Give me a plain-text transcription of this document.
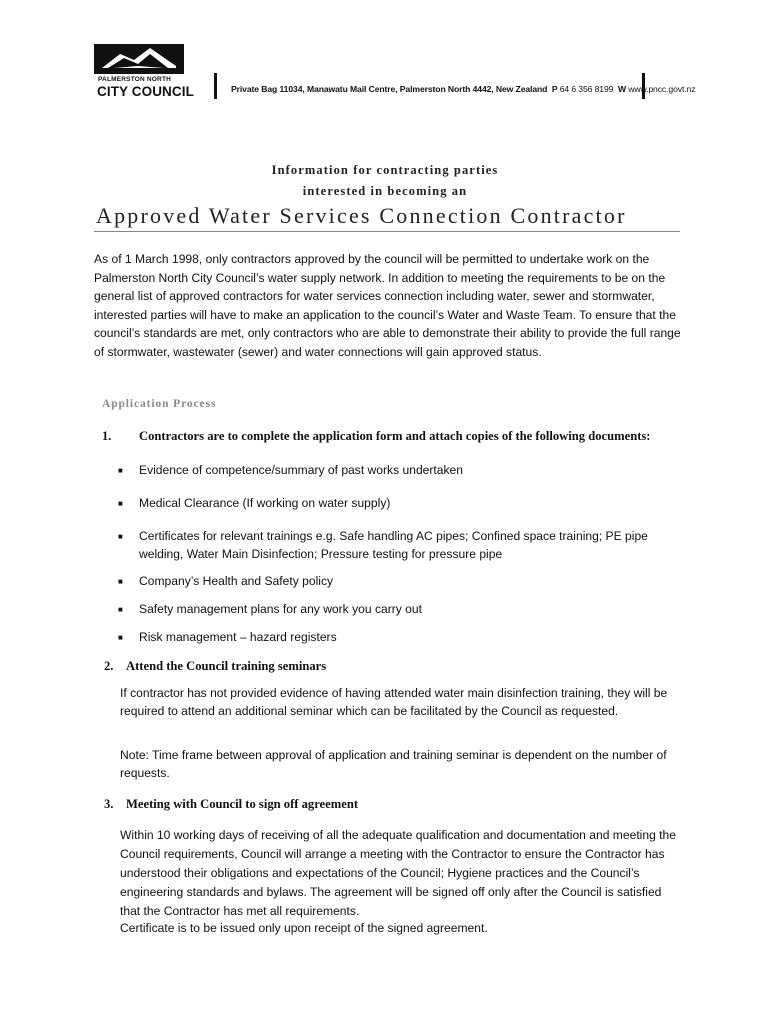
PALMERSTON NORTH
CITY COUNCIL	Private Bag 11034, Manawatu Mail Centre, Palmerston North 4442, New Zealand P 64 6 356 8199 W www.pncc.govt.nz
Information for contracting parties
interested in becoming an
Approved Water Services Connection Contractor

As of 1 March 1998, only contractors approved by the council will be permitted to undertake work on the Palmerston North City Council’s water supply network. In addition to meeting the requirements to be on the general list of approved contractors for water services connection including water, sewer and stormwater, interested parties will have to make an application to the council’s Water and Waste Team. To ensure that the council’s standards are met, only contractors who are able to demonstrate their ability to provide the full range of stormwater, wastewater (sewer) and water connections will gain approved status.

Application Process
1. Contractors are to complete the application form and attach copies of the following documents:
■ Evidence of competence/summary of past works undertaken
■ Medical Clearance (If working on water supply)
■ Certificates for relevant trainings e.g. Safe handling AC pipes; Confined space training; PE pipe welding, Water Main Disinfection; Pressure testing for pressure pipe
■ Company’s Health and Safety policy
■ Safety management plans for any work you carry out
■ Risk management – hazard registers
2. Attend the Council training seminars
If contractor has not provided evidence of having attended water main disinfection training, they will be required to attend an additional seminar which can be facilitated by the Council as requested.
Note: Time frame between approval of application and training seminar is dependent on the number of requests.
3. Meeting with Council to sign off agreement
Within 10 working days of receiving of all the adequate qualification and documentation and meeting the Council requirements, Council will arrange a meeting with the Contractor to ensure the Contractor has understood their obligations and expectations of the Council; Hygiene practices and the Council’s engineering standards and bylaws. The agreement will be signed off only after the Council is satisfied that the Contractor has met all requirements.
Certificate is to be issued only upon receipt of the signed agreement.
